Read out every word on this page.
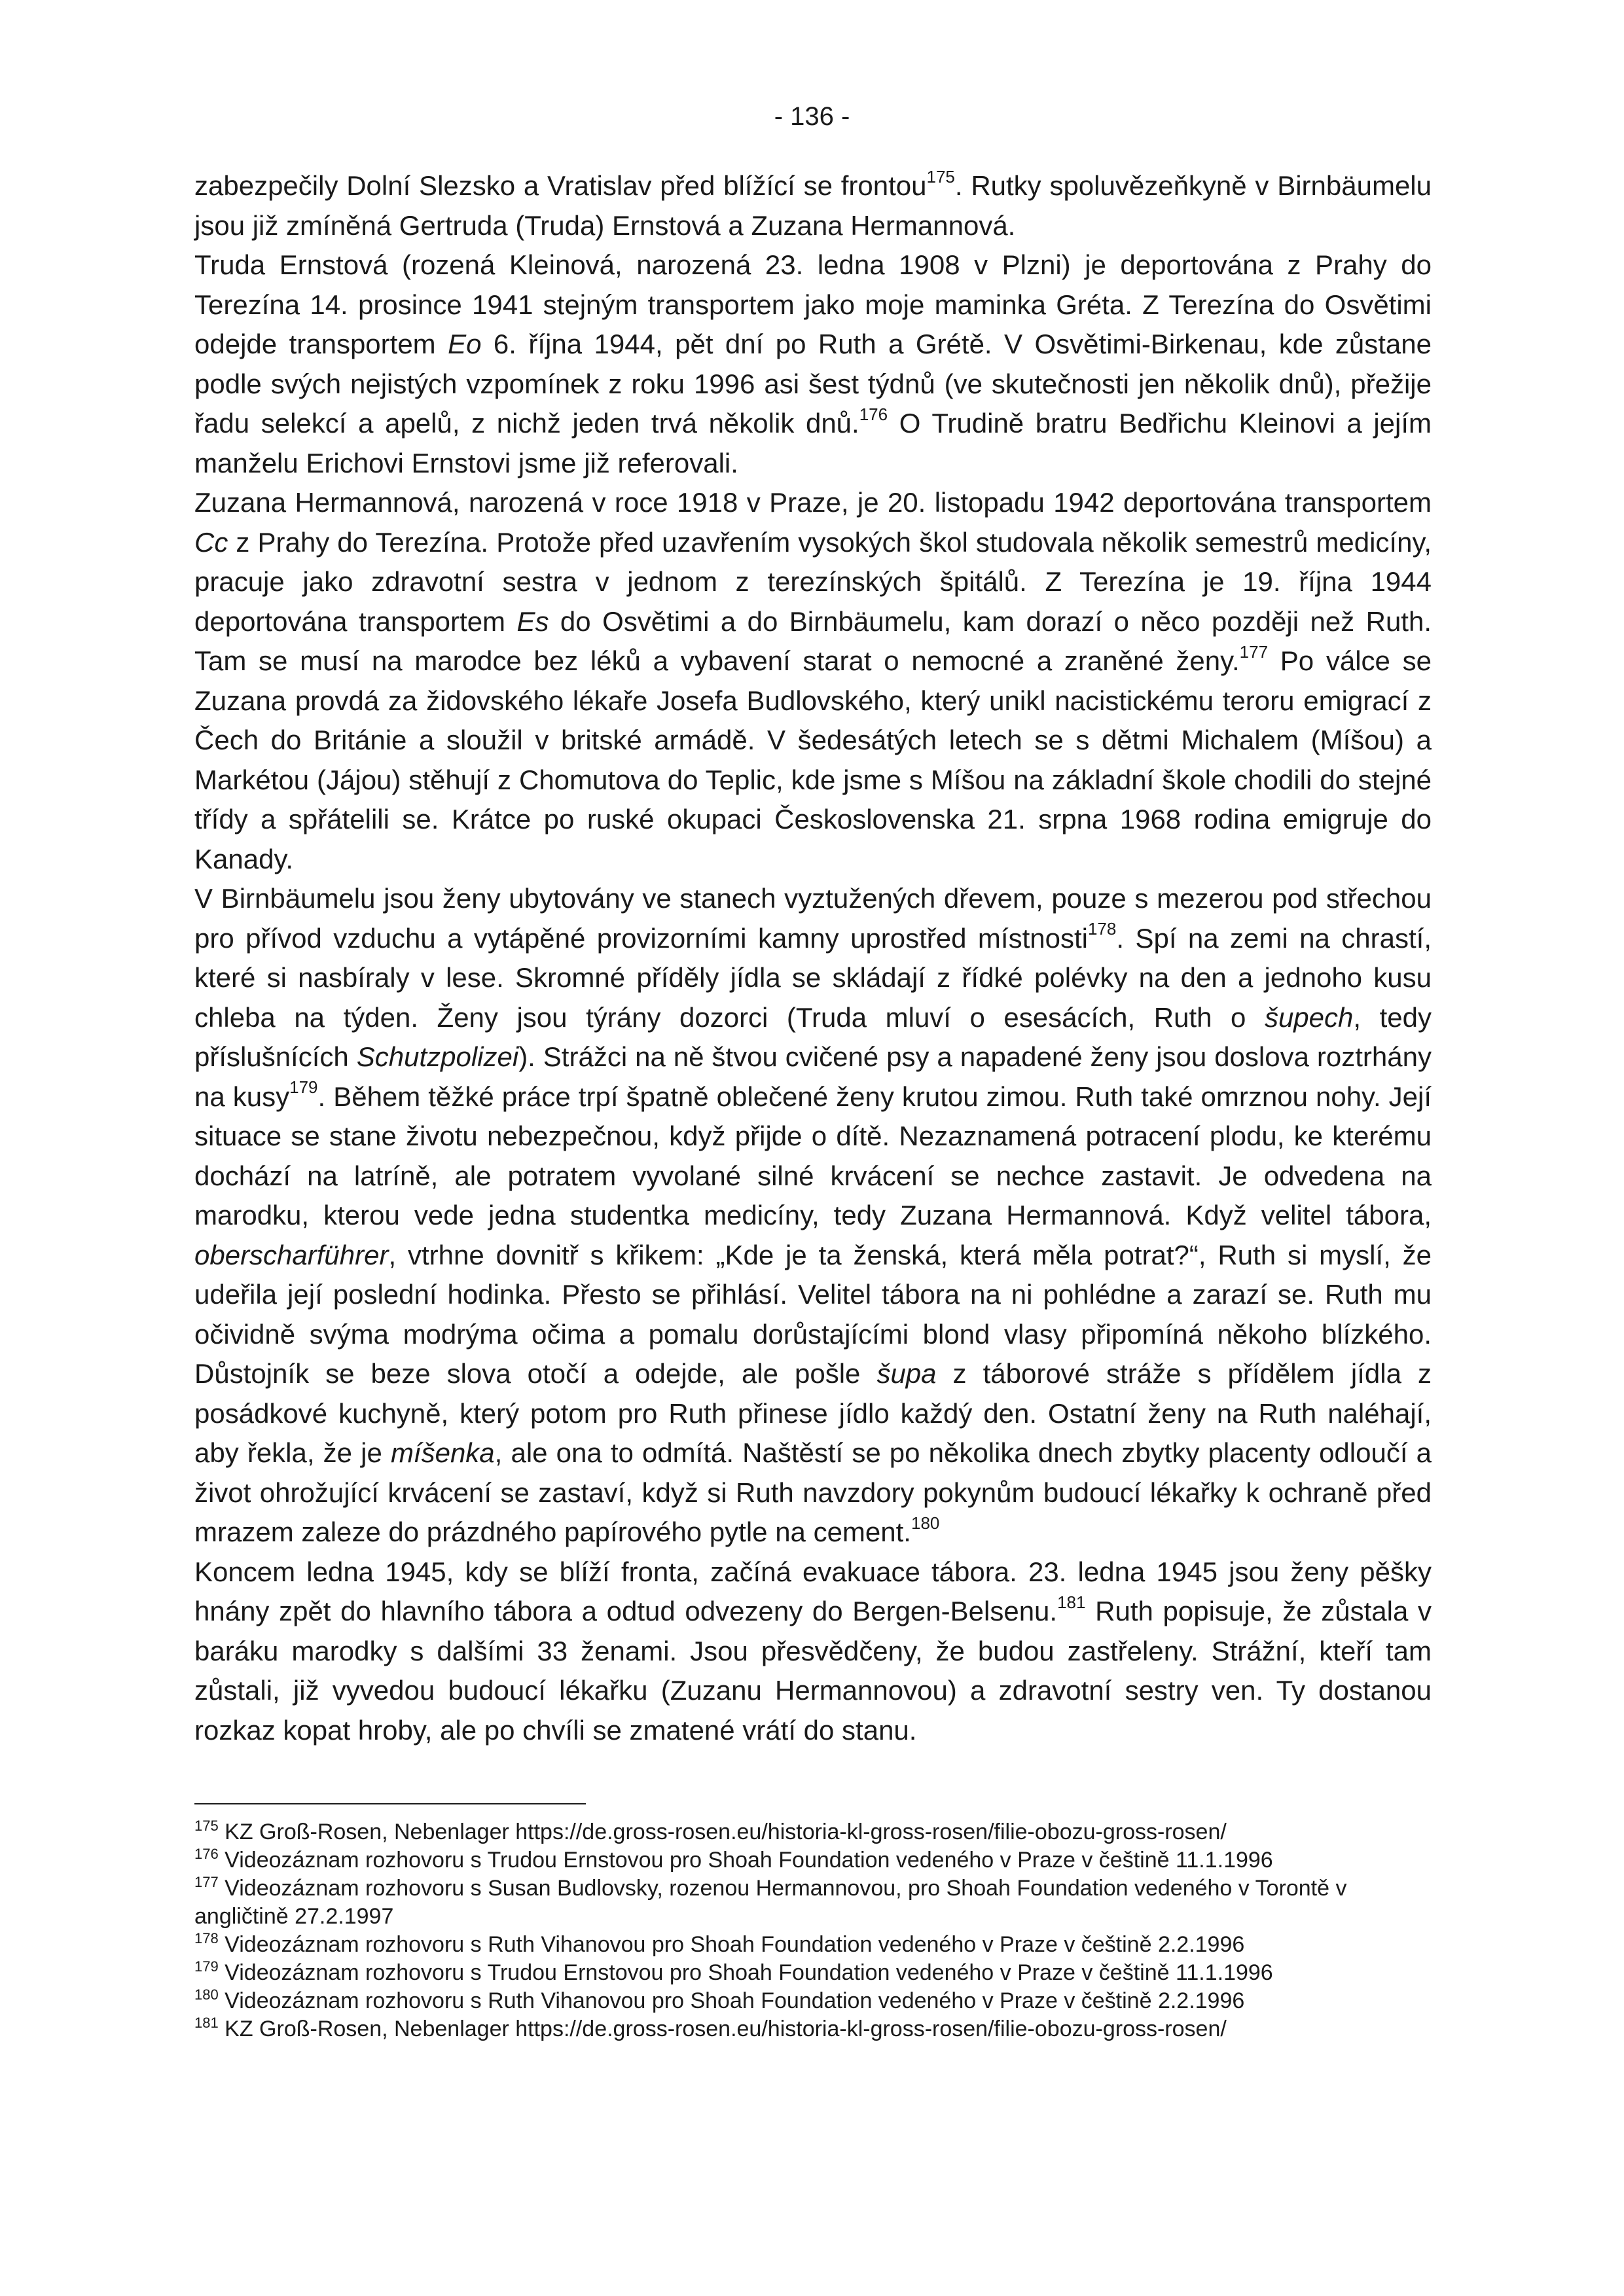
- 136 -

zabezpečily Dolní Slezsko a Vratislav před blížící se frontou$^{175}$. Rutky spoluvězeňkyně v Birnbäumelu jsou již zmíněná Gertruda (Truda) Ernstová a Zuzana Hermannová.

Truda Ernstová (rozená Kleinová, narozená 23. ledna 1908 v Plzni) je deportována z Prahy do Terezína 14. prosince 1941 stejným transportem jako moje maminka Gréta. Z Terezína do Osvětimi odejde transportem Eo 6. října 1944, pět dní po Ruth a Grétě. V Osvětimi-Birkenau, kde zůstane podle svých nejistých vzpomínek z roku 1996 asi šest týdnů (ve skutečnosti jen několik dnů), přežije řadu selekcí a apelů, z nichž jeden trvá několik dnů.$^{176}$ O Trudině bratru Bedřichu Kleinovi a jejím manželu Erichovi Ernstovi jsme již referovali.

Zuzana Hermannová, narozená v roce 1918 v Praze, je 20. listopadu 1942 deportována transportem Cc z Prahy do Terezína. Protože před uzavřením vysokých škol studovala několik semestrů medicíny, pracuje jako zdravotní sestra v jednom z terezínských špitálů. Z Terezína je 19. října 1944 deportována transportem Es do Osvětimi a do Birnbäumelu, kam dorazí o něco později než Ruth. Tam se musí na marodce bez léků a vybavení starat o nemocné a zraněné ženy.$^{177}$ Po válce se Zuzana provdá za židovského lékaře Josefa Budlovského, který unikl nacistickému teroru emigrací z Čech do Británie a sloužil v britské armádě. V šedesátých letech se s dětmi Michalem (Míšou) a Markétou (Jájou) stěhují z Chomutova do Teplic, kde jsme s Míšou na základní škole chodili do stejné třídy a spřátelili se. Krátce po ruské okupaci Československa 21. srpna 1968 rodina emigruje do Kanady.

V Birnbäumelu jsou ženy ubytovány ve stanech vyztužených dřevem, pouze s mezerou pod střechou pro přívod vzduchu a vytápěné provizorními kamny uprostřed místnosti$^{178}$. Spí na zemi na chrastí, které si nasbíraly v lese. Skromné příděly jídla se skládají z řídké polévky na den a jednoho kusu chleba na týden. Ženy jsou týrány dozorci (Truda mluví o esesácích, Ruth o šupech, tedy příslušnících Schutzpolizei). Strážci na ně štvou cvičené psy a napadené ženy jsou doslova roztrhány na kusy$^{179}$. Během těžké práce trpí špatně oblečené ženy krutou zimou. Ruth také omrznou nohy. Její situace se stane životu nebezpečnou, když přijde o dítě. Nezaznamená potracení plodu, ke kterému dochází na latríně, ale potratem vyvolané silné krvácení se nechce zastavit. Je odvedena na marodku, kterou vede jedna studentka medicíny, tedy Zuzana Hermannová. Když velitel tábora, oberscharführer, vtrhne dovnitř s křikem: „Kde je ta ženská, která měla potrat?“, Ruth si myslí, že udeřila její poslední hodinka. Přesto se přihlásí. Velitel tábora na ni pohlédne a zarazí se. Ruth mu očividně svýma modrýma očima a pomalu dorůstajícími blond vlasy připomíná někoho blízkého. Důstojník se beze slova otočí a odejde, ale pošle šupa z táborové stráže s přídělem jídla z posádkové kuchyně, který potom pro Ruth přinese jídlo každý den. Ostatní ženy na Ruth naléhají, aby řekla, že je míšenka, ale ona to odmítá. Naštěstí se po několika dnech zbytky placenty odloučí a život ohrožující krvácení se zastaví, když si Ruth navzdory pokynům budoucí lékařky k ochraně před mrazem zaleze do prázdného papírového pytle na cement.$^{180}$

Koncem ledna 1945, kdy se blíží fronta, začíná evakuace tábora. 23. ledna 1945 jsou ženy pěšky hnány zpět do hlavního tábora a odtud odvezeny do Bergen-Belsenu.$^{181}$ Ruth popisuje, že zůstala v baráku marodky s dalšími 33 ženami. Jsou přesvědčeny, že budou zastřeleny. Strážní, kteří tam zůstali, již vyvedou budoucí lékařku (Zuzanu Hermannovou) a zdravotní sestry ven. Ty dostanou rozkaz kopat hroby, ale po chvíli se zmatené vrátí do stanu.

$^{175}$ KZ Groß-Rosen, Nebenlager https://de.gross-rosen.eu/historia-kl-gross-rosen/filie-obozu-gross-rosen/

$^{176}$ Videozáznam rozhovoru s Trudou Ernstovou pro Shoah Foundation vedeného v Praze v češtině 11.1.1996

$^{177}$ Videozáznam rozhovoru s Susan Budlovsky, rozenou Hermannovou, pro Shoah Foundation vedeného v Torontě v angličtině 27.2.1997

$^{178}$ Videozáznam rozhovoru s Ruth Vihanovou pro Shoah Foundation vedeného v Praze v češtině 2.2.1996

$^{179}$ Videozáznam rozhovoru s Trudou Ernstovou pro Shoah Foundation vedeného v Praze v češtině 11.1.1996

$^{180}$ Videozáznam rozhovoru s Ruth Vihanovou pro Shoah Foundation vedeného v Praze v češtině 2.2.1996

$^{181}$ KZ Groß-Rosen, Nebenlager https://de.gross-rosen.eu/historia-kl-gross-rosen/filie-obozu-gross-rosen/
